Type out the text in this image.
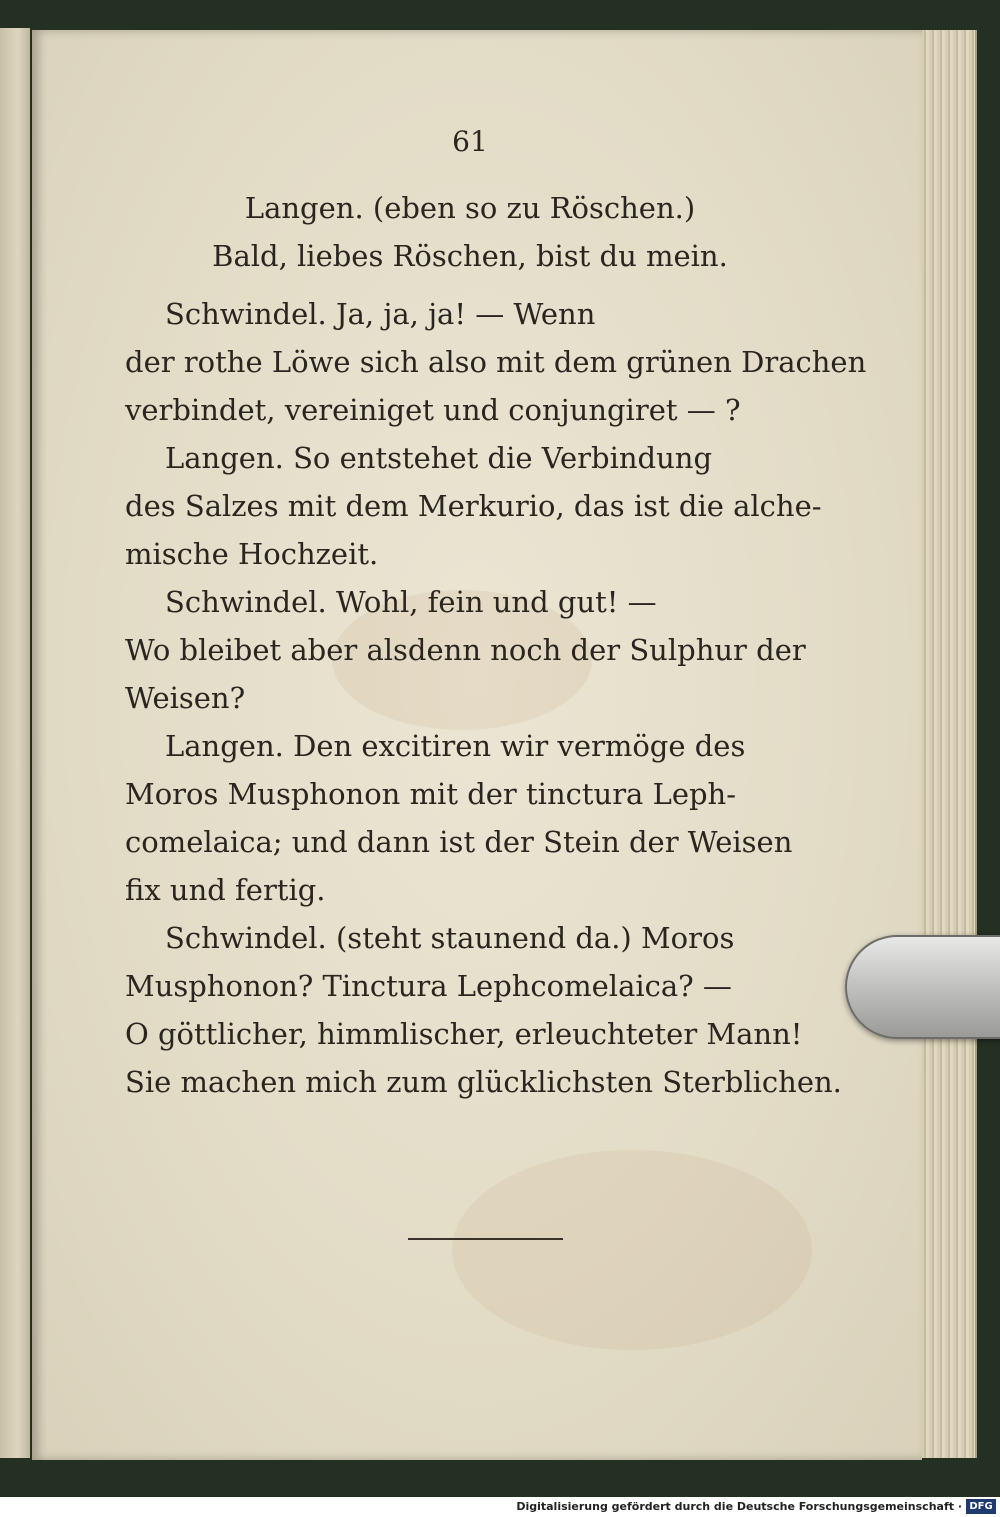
61
Langen. (eben so zu Röschen.)
Bald, liebes Röschen, bist du mein.
Schwindel. Ja, ja, ja! — Wenn
der rothe Löwe sich also mit dem grünen Drachen
verbindet, vereiniget und conjungiret — ?
Langen. So entstehet die Verbindung
des Salzes mit dem Merkurio, das ist die alche-
mische Hochzeit.
Schwindel. Wohl, fein und gut! —
Wo bleibet aber alsdenn noch der Sulphur der
Weisen?
Langen. Den excitiren wir vermöge des
Moros Musphonon mit der tinctura Leph-
comelaica; und dann ist der Stein der Weisen
fix und fertig.
Schwindel. (steht staunend da.) Moros
Musphonon? Tinctura Lephcomelaica? —
O göttlicher, himmlischer, erleuchteter Mann!
Sie machen mich zum glücklichsten Sterblichen.
Digitalisierung gefördert durch die Deutsche Forschungsgemeinschaft · DFG
